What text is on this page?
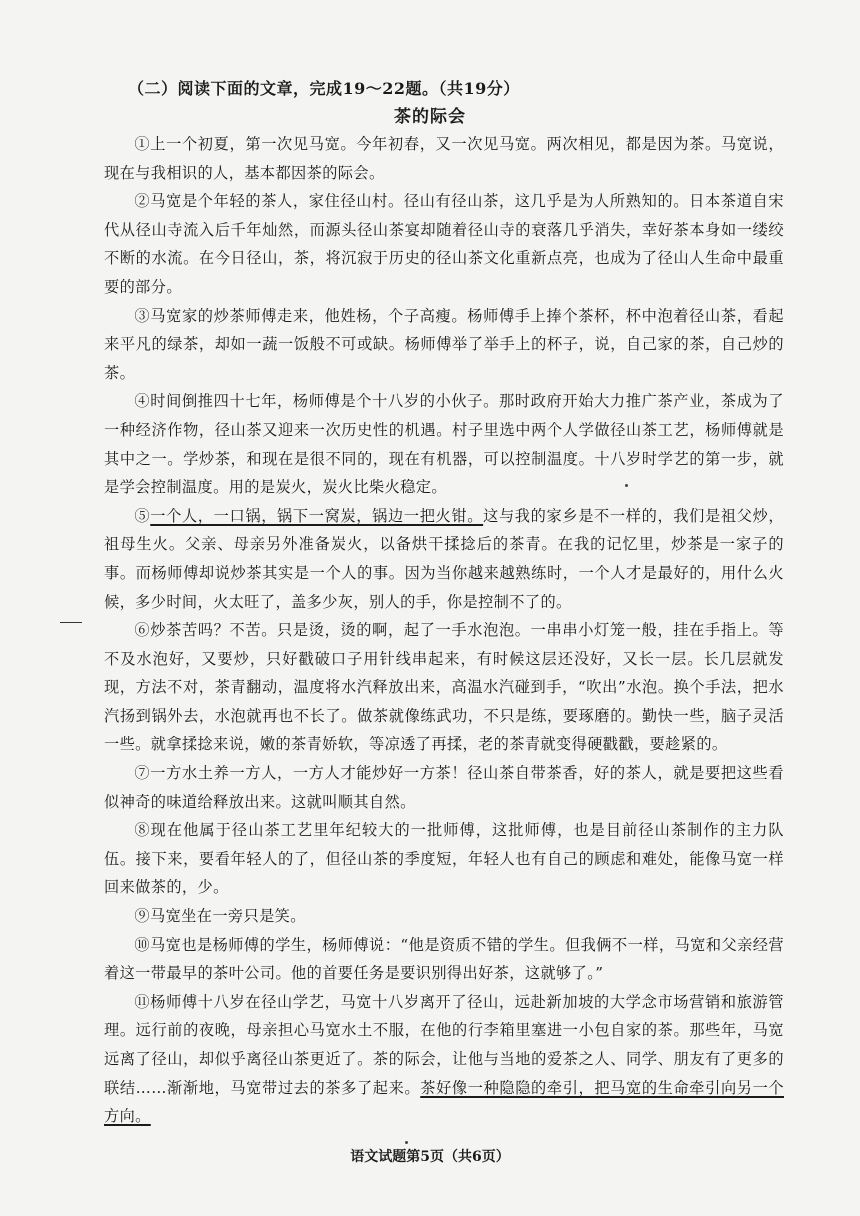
（二）阅读下面的文章，完成19～22题。（共19分）
茶的际会

①上一个初夏，第一次见马宽。今年初春，又一次见马宽。两次相见，都是因为茶。马宽说，现在与我相识的人，基本都因茶的际会。

②马宽是个年轻的茶人，家住径山村。径山有径山茶，这几乎是为人所熟知的。日本茶道自宋代从径山寺流入后千年灿然，而源头径山茶宴却随着径山寺的衰落几乎消失，幸好茶本身如一缕绞不断的水流。在今日径山，茶，将沉寂于历史的径山茶文化重新点亮，也成为了径山人生命中最重要的部分。

③马宽家的炒茶师傅走来，他姓杨，个子高瘦。杨师傅手上捧个茶杯，杯中泡着径山茶，看起来平凡的绿茶，却如一蔬一饭般不可或缺。杨师傅举了举手上的杯子，说，自己家的茶，自己炒的茶。

④时间倒推四十七年，杨师傅是个十八岁的小伙子。那时政府开始大力推广茶产业，茶成为了一种经济作物，径山茶又迎来一次历史性的机遇。村子里选中两个人学做径山茶工艺，杨师傅就是其中之一。学炒茶，和现在是很不同的，现在有机器，可以控制温度。十八岁时学艺的第一步，就是学会控制温度。用的是炭火，炭火比柴火稳定。

⑤一个人，一口锅，锅下一窝炭，锅边一把火钳。这与我的家乡是不一样的，我们是祖父炒，祖母生火。父亲、母亲另外准备炭火，以备烘干揉捻后的茶青。在我的记忆里，炒茶是一家子的事。而杨师傅却说炒茶其实是一个人的事。因为当你越来越熟练时，一个人才是最好的，用什么火候，多少时间，火太旺了，盖多少灰，别人的手，你是控制不了的。

⑥炒茶苦吗？不苦。只是烫，烫的啊，起了一手水泡泡。一串串小灯笼一般，挂在手指上。等不及水泡好，又要炒，只好戳破口子用针线串起来，有时候这层还没好，又长一层。长几层就发现，方法不对，茶青翻动，温度将水汽释放出来，高温水汽碰到手，“吹出”水泡。换个手法，把水汽扬到锅外去，水泡就再也不长了。做茶就像练武功，不只是练，要琢磨的。勤快一些，脑子灵活一些。就拿揉捻来说，嫩的茶青娇软，等凉透了再揉，老的茶青就变得硬戳戳，要趁紧的。

⑦一方水土养一方人，一方人才能炒好一方茶！径山茶自带茶香，好的茶人，就是要把这些看似神奇的味道给释放出来。这就叫顺其自然。

⑧现在他属于径山茶工艺里年纪较大的一批师傅，这批师傅，也是目前径山茶制作的主力队伍。接下来，要看年轻人的了，但径山茶的季度短，年轻人也有自己的顾虑和难处，能像马宽一样回来做茶的，少。

⑨马宽坐在一旁只是笑。

⑩马宽也是杨师傅的学生，杨师傅说：“他是资质不错的学生。但我俩不一样，马宽和父亲经营着这一带最早的茶叶公司。他的首要任务是要识别得出好茶，这就够了。”

⑪杨师傅十八岁在径山学艺，马宽十八岁离开了径山，远赴新加坡的大学念市场营销和旅游管理。远行前的夜晚，母亲担心马宽水土不服，在他的行李箱里塞进一小包自家的茶。那些年，马宽远离了径山，却似乎离径山茶更近了。茶的际会，让他与当地的爱茶之人、同学、朋友有了更多的联结……渐渐地，马宽带过去的茶多了起来。茶好像一种隐隐的牵引，把马宽的生命牵引向另一个方向。

语文试题第5页（共6页）
